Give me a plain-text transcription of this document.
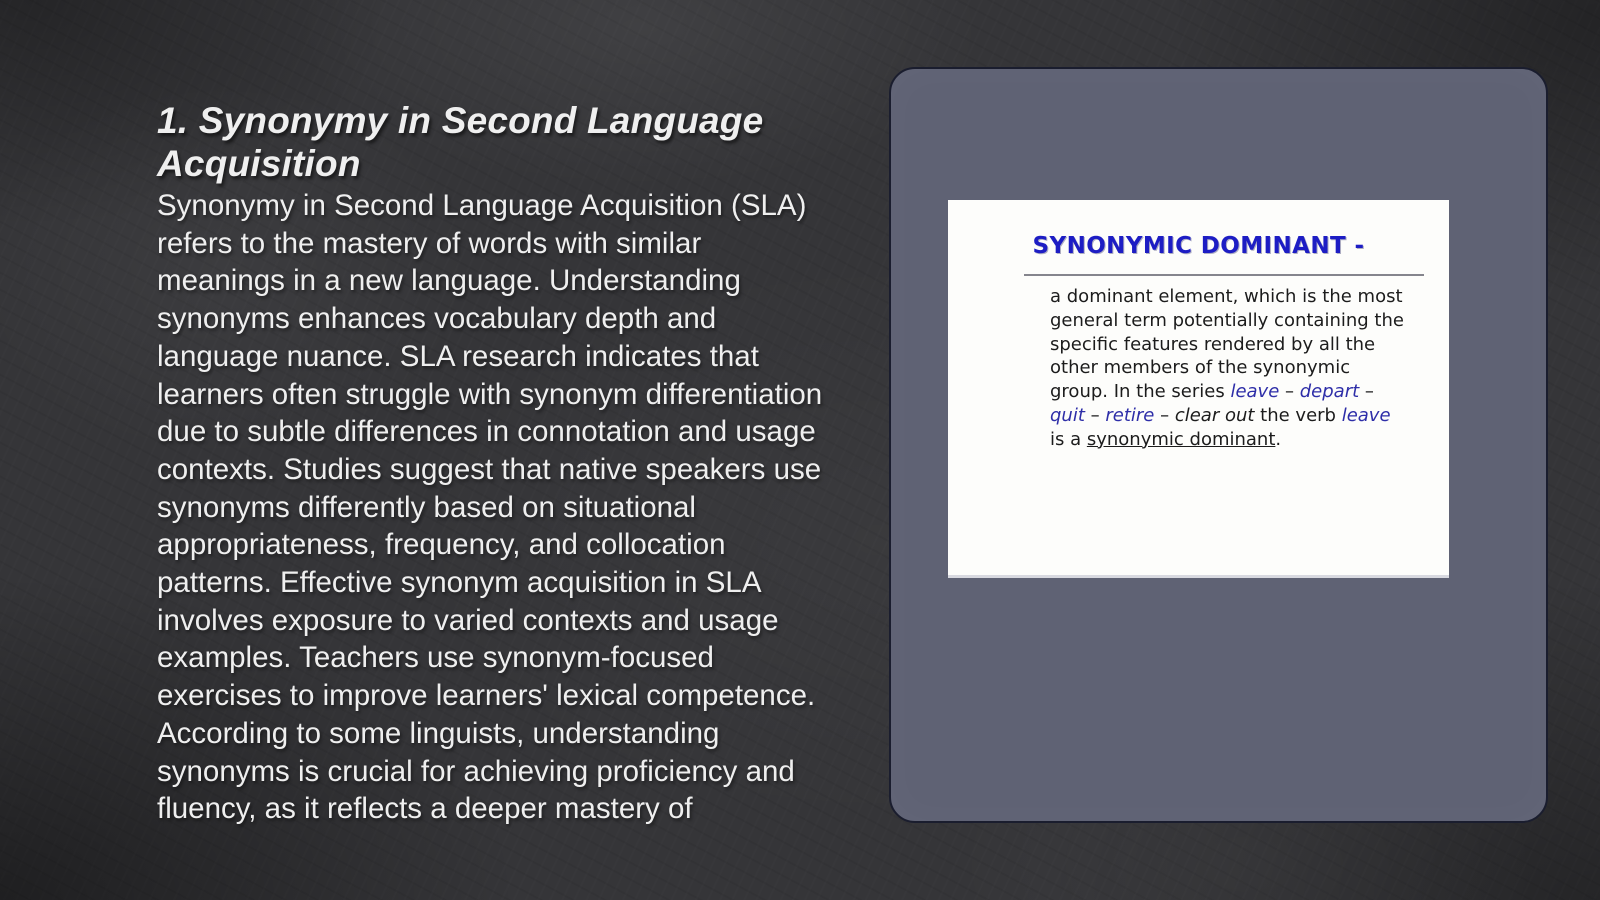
1. Synonymy in Second Language Acquisition

Synonymy in Second Language Acquisition (SLA) refers to the mastery of words with similar meanings in a new language. Understanding synonyms enhances vocabulary depth and language nuance. SLA research indicates that learners often struggle with synonym differentiation due to subtle differences in connotation and usage contexts. Studies suggest that native speakers use synonyms differently based on situational appropriateness, frequency, and collocation patterns. Effective synonym acquisition in SLA involves exposure to varied contexts and usage examples. Teachers use synonym-focused exercises to improve learners' lexical competence. According to some linguists, understanding synonyms is crucial for achieving proficiency and fluency, as it reflects a deeper mastery of

SYNONYMIC DOMINANT -

a dominant element, which is the most general term potentially containing the specific features rendered by all the other members of the synonymic group. In the series leave – depart – quit – retire – clear out the verb leave is a synonymic dominant.
